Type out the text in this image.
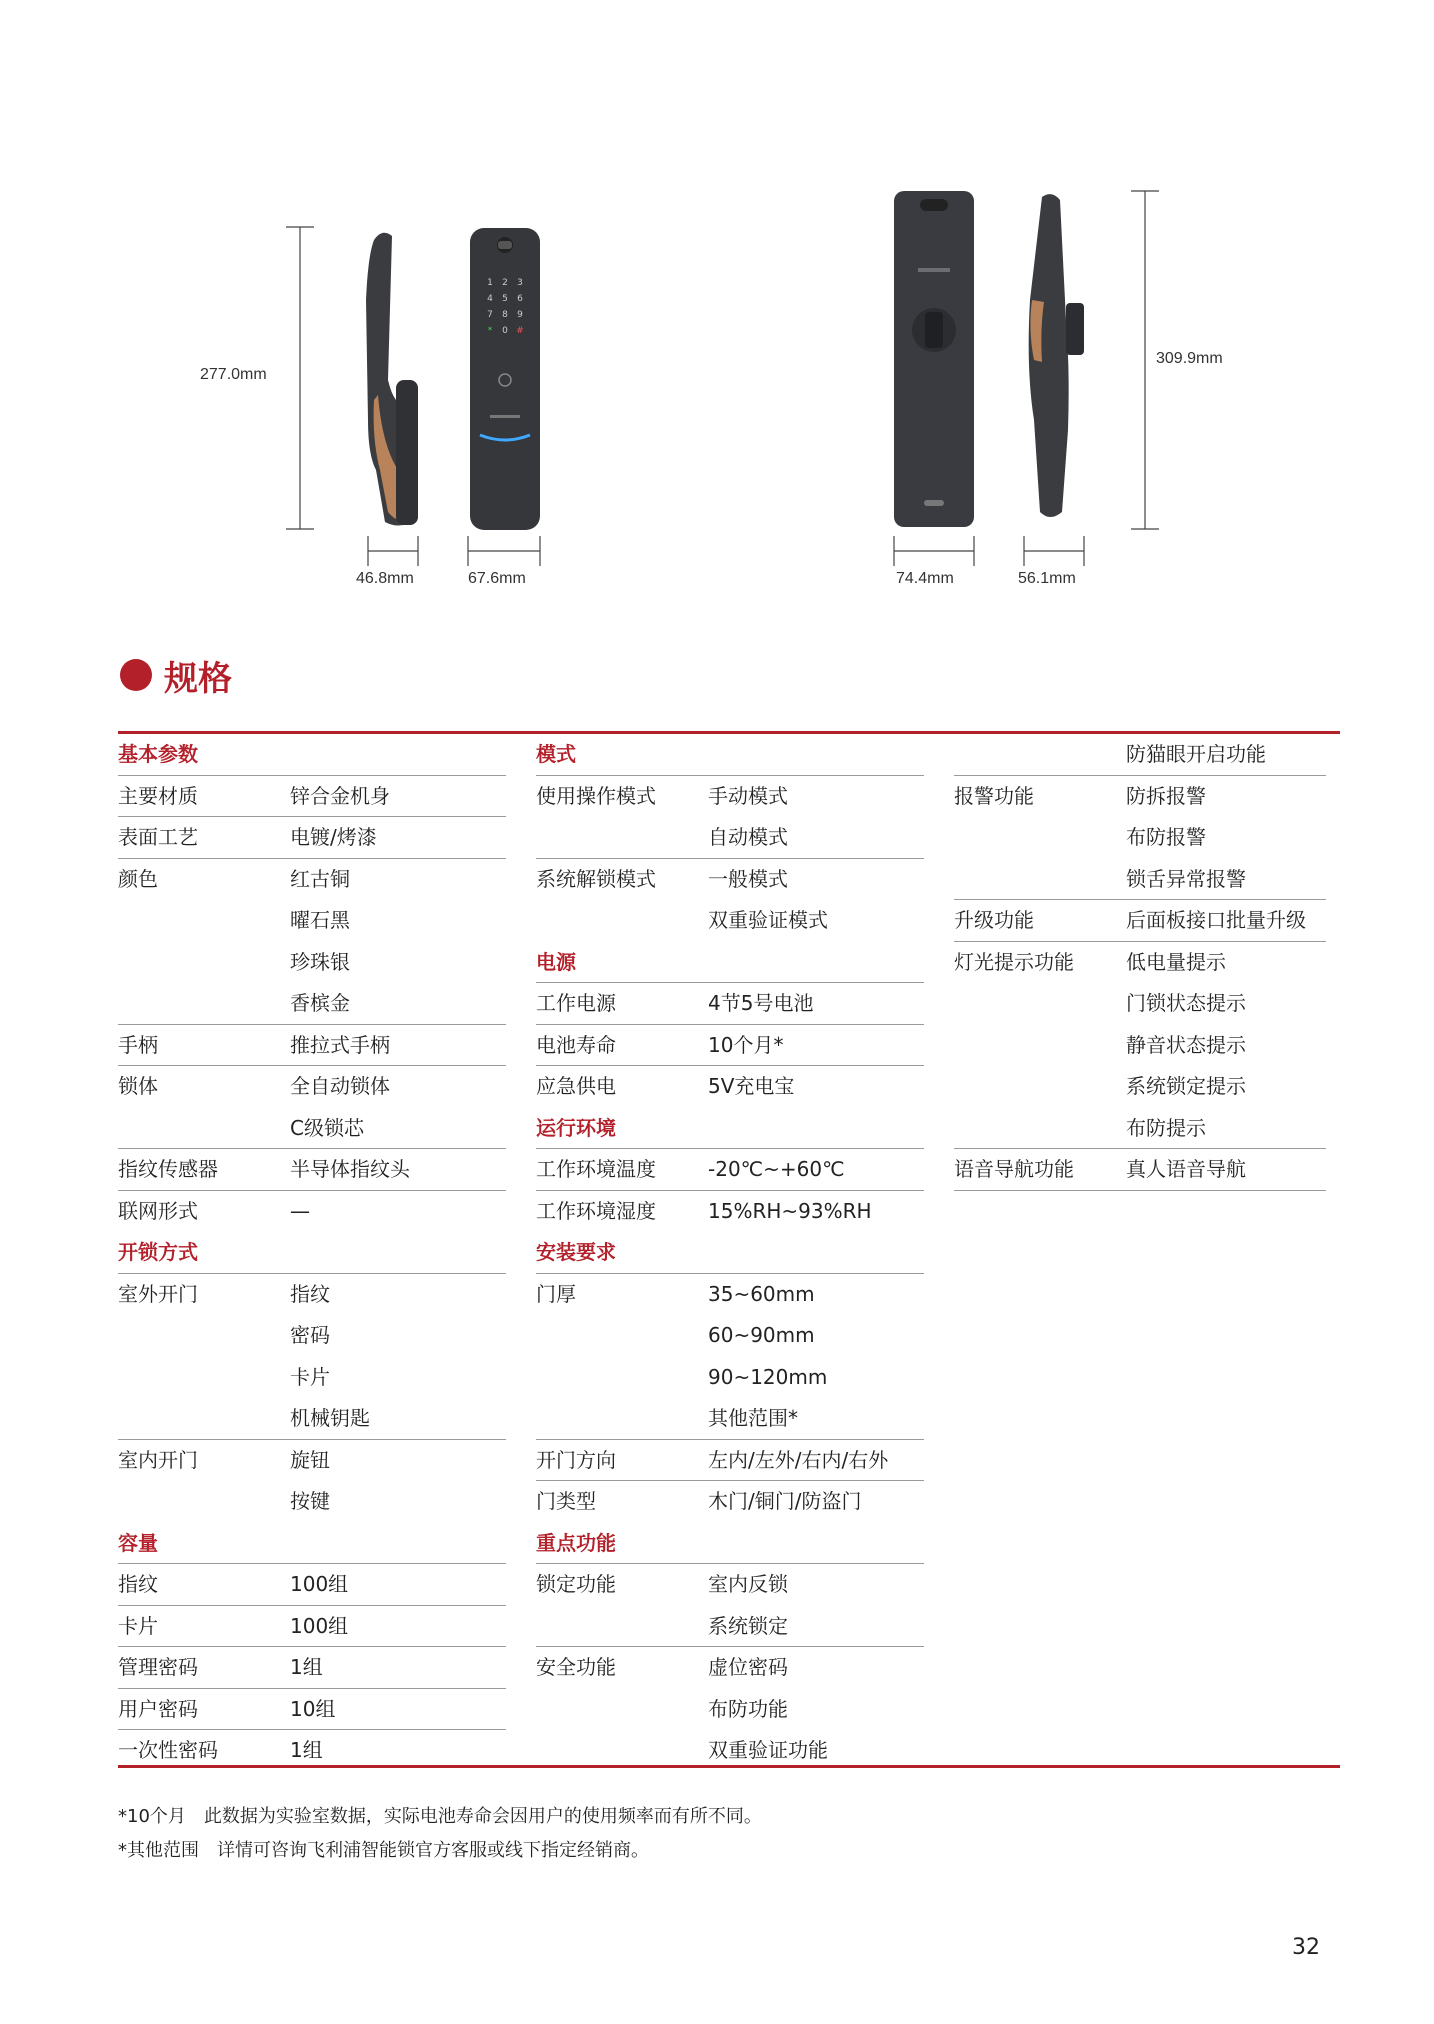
1 2 3
4 5 6
7 8 9
* 0 #
277.0mm
46.8mm	67.6mm
309.9mm
74.4mm	56.1mm
规格
基本参数
主要材质	锌合金机身
表面工艺	电镀/烤漆
颜色	红古铜
曜石黑
珍珠银
香槟金
手柄	推拉式手柄
锁体	全自动锁体
C级锁芯
指纹传感器	半导体指纹头
联网形式	—
开锁方式
室外开门	指纹
密码
卡片
机械钥匙
室内开门	旋钮
按键
容量
指纹	100组
卡片	100组
管理密码	1组
用户密码	10组
一次性密码	1组
模式
使用操作模式	手动模式
自动模式
系统解锁模式	一般模式
双重验证模式
电源
工作电源	4节5号电池
电池寿命	10个月*
应急供电	5V充电宝
运行环境
工作环境温度	-20℃~+60℃
工作环境湿度	15%RH~93%RH
安装要求
门厚	35~60mm
60~90mm
90~120mm
其他范围*
开门方向	左内/左外/右内/右外
门类型	木门/铜门/防盗门
重点功能
锁定功能	室内反锁
系统锁定
安全功能	虚位密码
布防功能
双重验证功能
防猫眼开启功能
报警功能	防拆报警
布防报警
锁舌异常报警
升级功能	后面板接口批量升级
灯光提示功能	低电量提示
门锁状态提示
静音状态提示
系统锁定提示
布防提示
语音导航功能	真人语音导航
*10个月　此数据为实验室数据，实际电池寿命会因用户的使用频率而有所不同。
*其他范围　详情可咨询飞利浦智能锁官方客服或线下指定经销商。
32
